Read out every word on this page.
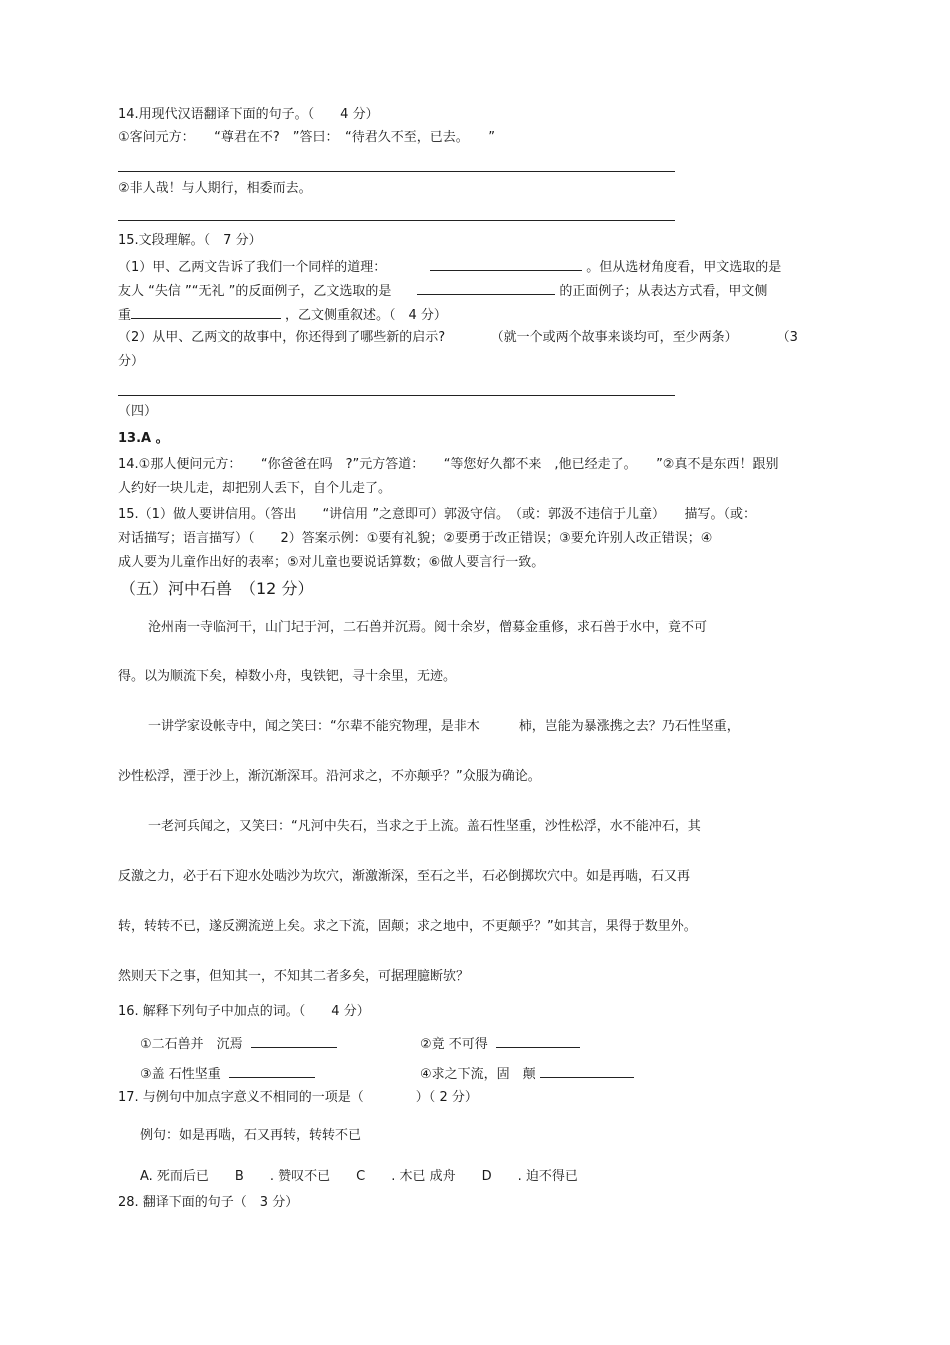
14.用现代汉语翻译下面的句子。（　　4 分）
①客问元方：　　“尊君在不?　”答曰：　“待君久不至，已去。　　”
②非人哉！与人期行，相委而去。
15.文段理解。（　7 分）
（1）甲、乙两文告诉了我们一个同样的道理：	。但从选材角度看，甲文选取的是
友人 “失信 ”“无礼 ”的反面例子，乙文选取的是	的正面例子；从表达方式看，甲文侧
重	，乙文侧重叙述。（　4 分）
（2）从甲、乙两文的故事中，你还得到了哪些新的启示?　　　　（就一个或两个故事来谈均可，至少两条）　　　　（3
分）
（四）
13.A 。
14.①那人便问元方：　　“你爸爸在吗　?”元方答道：　　“等您好久都不来　,他已经走了。　　”②真不是东西！跟别
人约好一块儿走，却把别人丢下，自个儿走了。
15.（1）做人要讲信用。（答出　　“讲信用 ”之意即可）郭汲守信。　（或：郭汲不违信于儿童）　　描写。（或：
对话描写；语言描写）（　　2）答案示例：①要有礼貌；②要勇于改正错误；③要允许别人改正错误；④
成人要为儿童作出好的表率；⑤对儿童也要说话算数；⑥做人要言行一致。
（五）河中石兽　（12 分）
沧州南一寺临河干，山门圮于河，二石兽并沉焉。阅十余岁，僧募金重修，求石兽于水中，竟不可
得。以为顺流下矣，棹数小舟，曳铁钯，寻十余里，无迹。
一讲学家设帐寺中，闻之笑曰：“尔辈不能究物理，是非木　　　柿，岂能为暴涨携之去？乃石性坚重，
沙性松浮，湮于沙上，渐沉渐深耳。沿河求之，不亦颠乎？”众服为确论。
一老河兵闻之，又笑曰：“凡河中失石，当求之于上流。盖石性坚重，沙性松浮，水不能冲石，其
反激之力，必于石下迎水处啮沙为坎穴，渐激渐深，至石之半，石必倒掷坎穴中。如是再啮，石又再
转，转转不已，遂反溯流逆上矣。求之下流，固颠；求之地中，不更颠乎？”如其言，果得于数里外。
然则天下之事，但知其一，不知其二者多矣，可据理臆断欤？
16. 解释下列句子中加点的词。（　　4 分）
①二石兽并　沉焉	②竟 不可得
③盖 石性坚重	④求之下流，固　颠
17. 与例句中加点字意义不相同的一项是（　　　　）（ 2 分）
例句：如是再啮，石又再转，转转不已
A. 死而后已　　B　　. 赞叹不已　　C　　. 木已 成舟　　D　　. 迫不得已
28. 翻译下面的句子（　3 分）
